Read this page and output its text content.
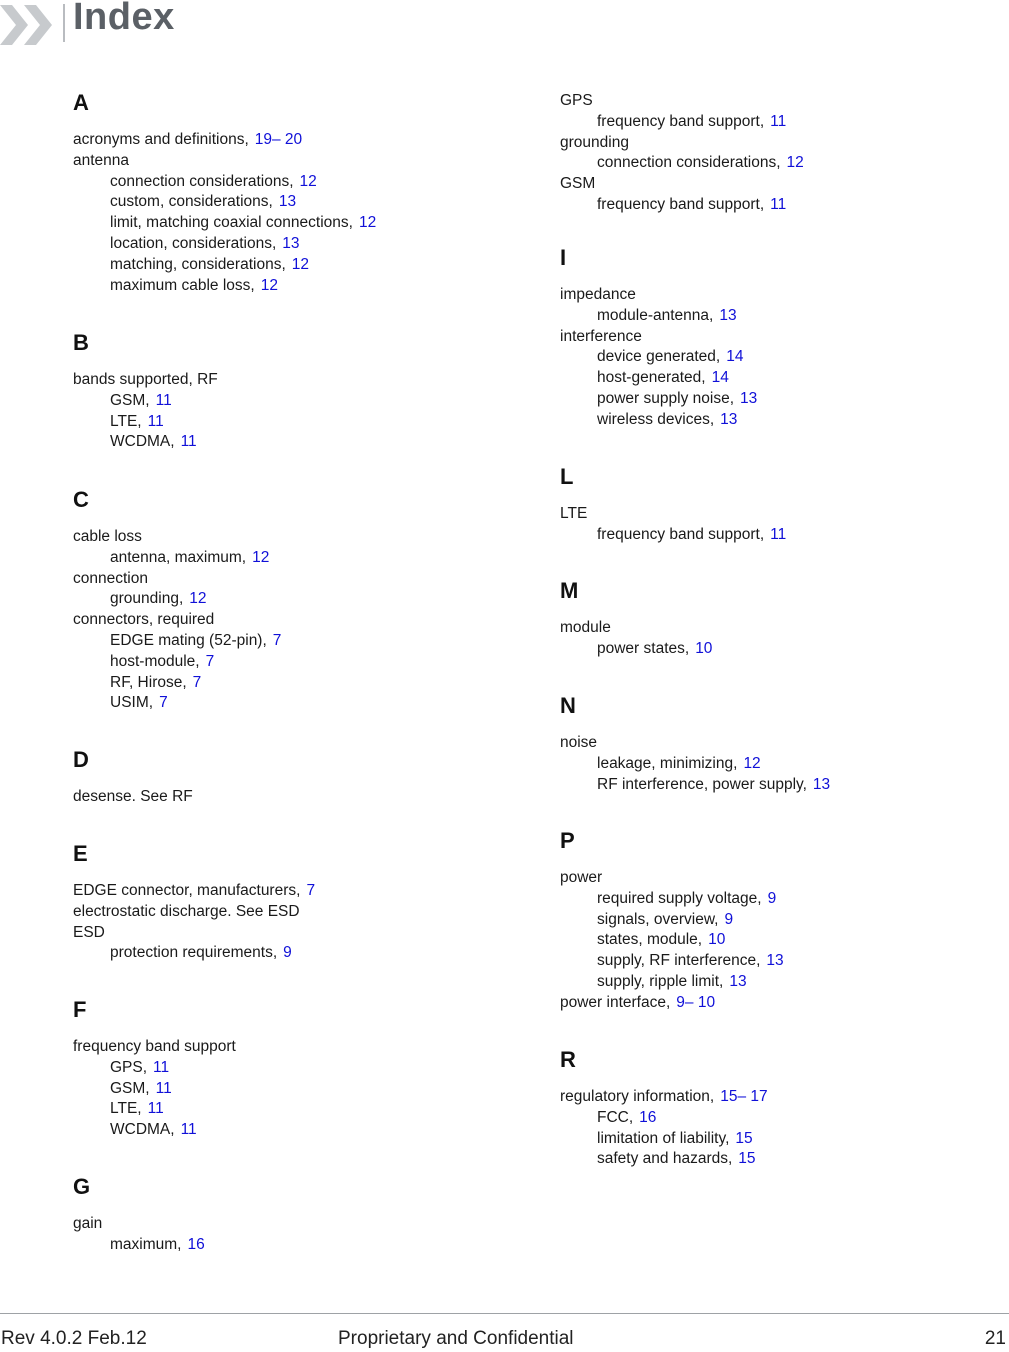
Index
A
acronyms and definitions, 19– 20
antenna
connection considerations, 12
custom, considerations, 13
limit, matching coaxial connections, 12
location, considerations, 13
matching, considerations, 12
maximum cable loss, 12
B
bands supported, RF
GSM, 11
LTE, 11
WCDMA, 11
C
cable loss
antenna, maximum, 12
connection
grounding, 12
connectors, required
EDGE mating (52-pin), 7
host-module, 7
RF, Hirose, 7
USIM, 7
D
desense. See RF
E
EDGE connector, manufacturers, 7
electrostatic discharge. See ESD
ESD
protection requirements, 9
F
frequency band support
GPS, 11
GSM, 11
LTE, 11
WCDMA, 11
G
gain
maximum, 16
GPS
frequency band support, 11
grounding
connection considerations, 12
GSM
frequency band support, 11
I
impedance
module-antenna, 13
interference
device generated, 14
host-generated, 14
power supply noise, 13
wireless devices, 13
L
LTE
frequency band support, 11
M
module
power states, 10
N
noise
leakage, minimizing, 12
RF interference, power supply, 13
P
power
required supply voltage, 9
signals, overview, 9
states, module, 10
supply, RF interference, 13
supply, ripple limit, 13
power interface, 9– 10
R
regulatory information, 15– 17
FCC, 16
limitation of liability, 15
safety and hazards, 15
Rev 4.0.2 Feb.12	Proprietary and Confidential	21
